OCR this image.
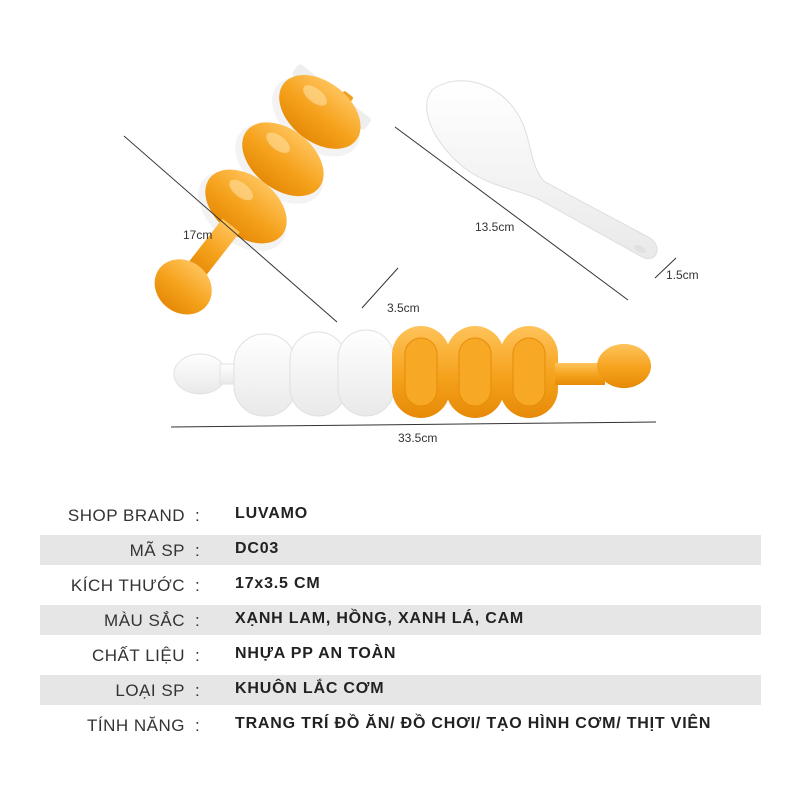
17cm
3.5cm
13.5cm
1.5cm
33.5cm
SHOP BRAND : LUVAMO
MÃ SP : DC03
KÍCH THƯỚC : 17x3.5 CM
MÀU SẮC : XẠNH LAM, HỒNG, XANH LÁ, CAM
CHẤT LIỆU : NHỰA PP AN TOÀN
LOẠI SP : KHUÔN LẮC CƠM
TÍNH NĂNG : TRANG TRÍ ĐỒ ĂN/ ĐỒ CHƠI/ TẠO HÌNH CƠM/ THỊT VIÊN
